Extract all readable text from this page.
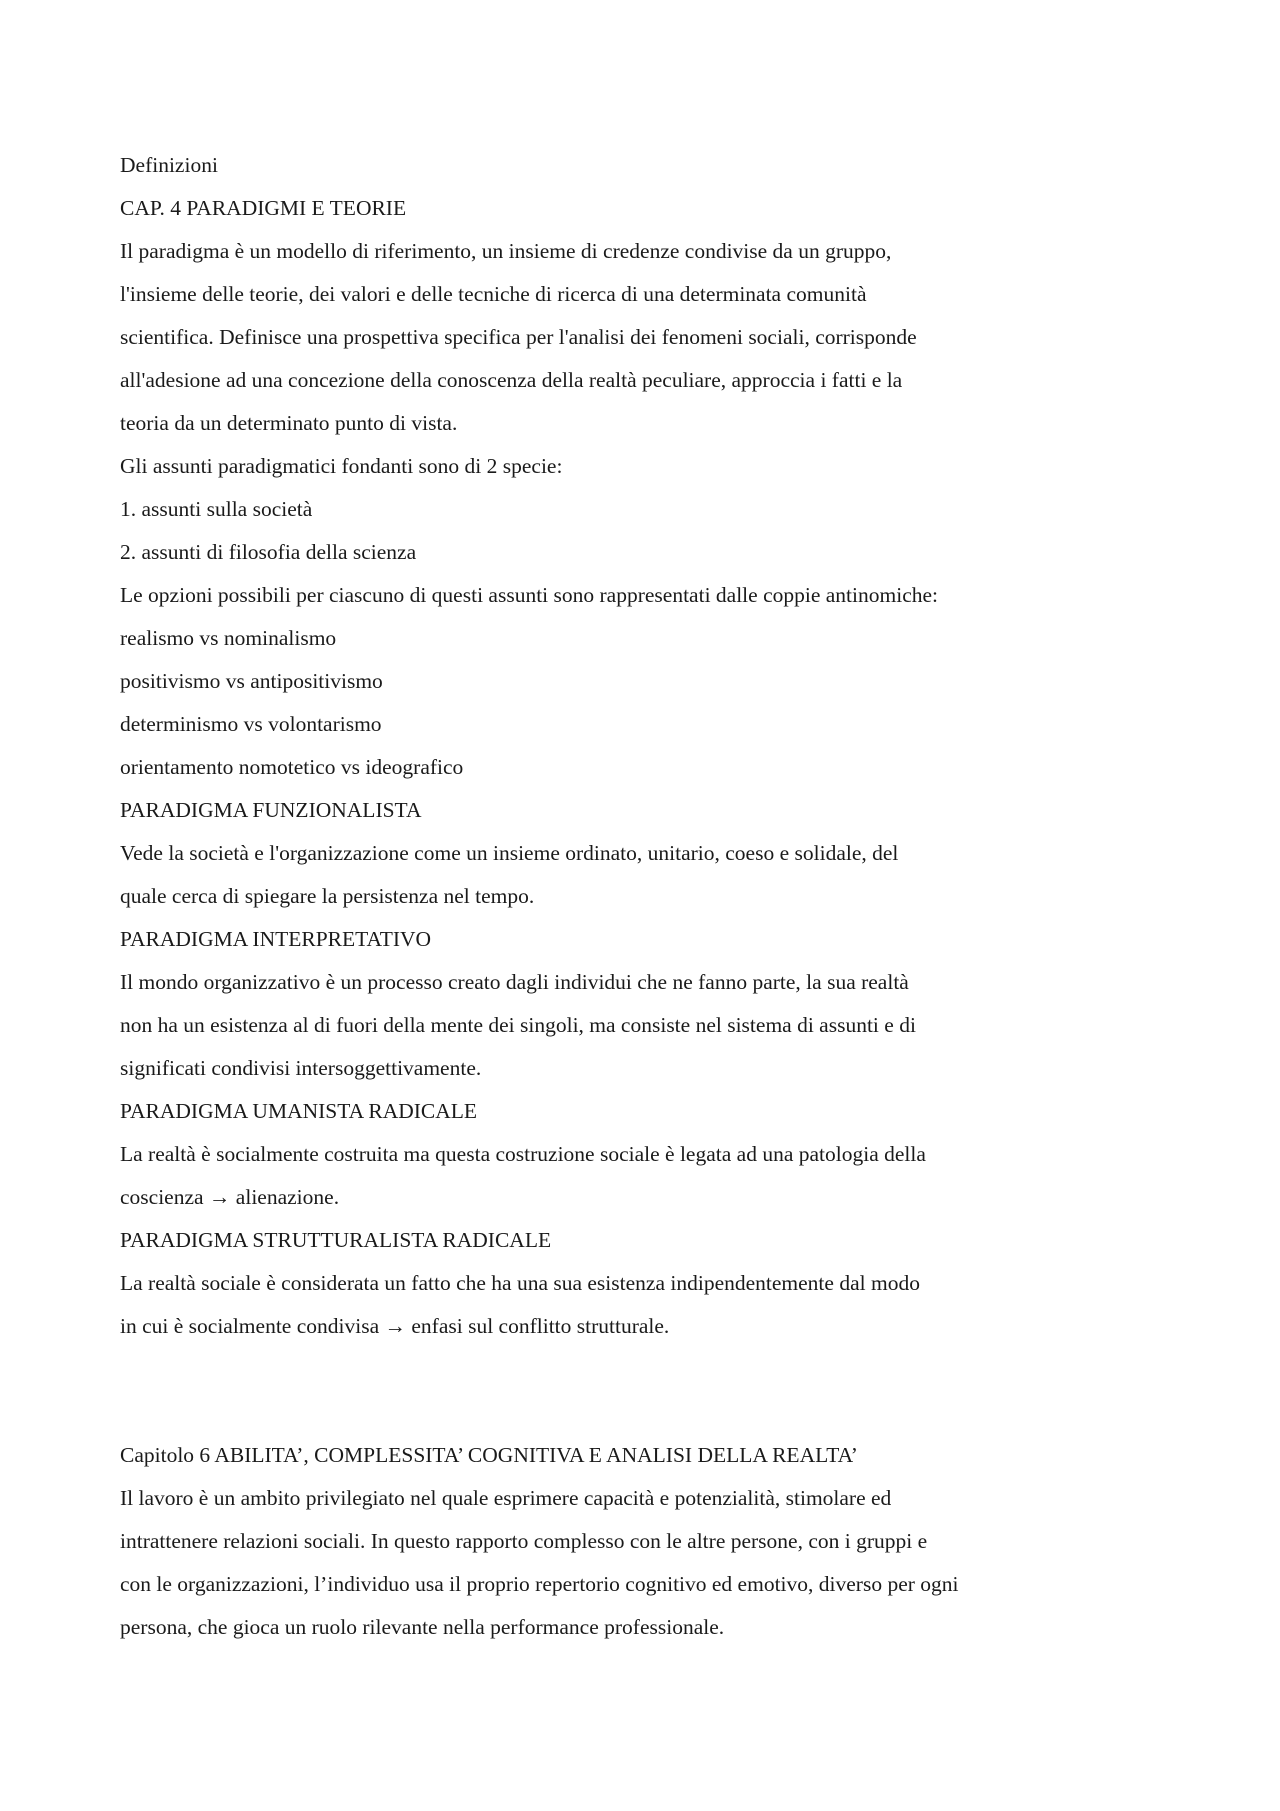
Definizioni
CAP. 4 PARADIGMI E TEORIE
Il paradigma è un modello di riferimento, un insieme di credenze condivise da un gruppo,
l'insieme delle teorie, dei valori e delle tecniche di ricerca di una determinata comunità
scientifica. Definisce una prospettiva specifica per l'analisi dei fenomeni sociali, corrisponde
all'adesione ad una concezione della conoscenza della realtà peculiare, approccia i fatti e la
teoria da un determinato punto di vista.
Gli assunti paradigmatici fondanti sono di 2 specie:
1. assunti sulla società
2. assunti di filosofia della scienza
Le opzioni possibili per ciascuno di questi assunti sono rappresentati dalle coppie antinomiche:
realismo vs nominalismo
positivismo vs antipositivismo
determinismo vs volontarismo
orientamento nomotetico vs ideografico
PARADIGMA FUNZIONALISTA
Vede la società e l'organizzazione come un insieme ordinato, unitario, coeso e solidale, del
quale cerca di spiegare la persistenza nel tempo.
PARADIGMA INTERPRETATIVO
Il mondo organizzativo è un processo creato dagli individui che ne fanno parte, la sua realtà
non ha un esistenza al di fuori della mente dei singoli, ma consiste nel sistema di assunti e di
significati condivisi intersoggettivamente.
PARADIGMA UMANISTA RADICALE
La realtà è socialmente costruita ma questa costruzione sociale è legata ad una patologia della
coscienza → alienazione.
PARADIGMA STRUTTURALISTA RADICALE
La realtà sociale è considerata un fatto che ha una sua esistenza indipendentemente dal modo
in cui è socialmente condivisa → enfasi sul conflitto strutturale.
Capitolo 6 ABILITA’, COMPLESSITA’ COGNITIVA E ANALISI DELLA REALTA’
Il lavoro è un ambito privilegiato nel quale esprimere capacità e potenzialità, stimolare ed
intrattenere relazioni sociali. In questo rapporto complesso con le altre persone, con i gruppi e
con le organizzazioni, l’individuo usa il proprio repertorio cognitivo ed emotivo, diverso per ogni
persona, che gioca un ruolo rilevante nella performance professionale.
